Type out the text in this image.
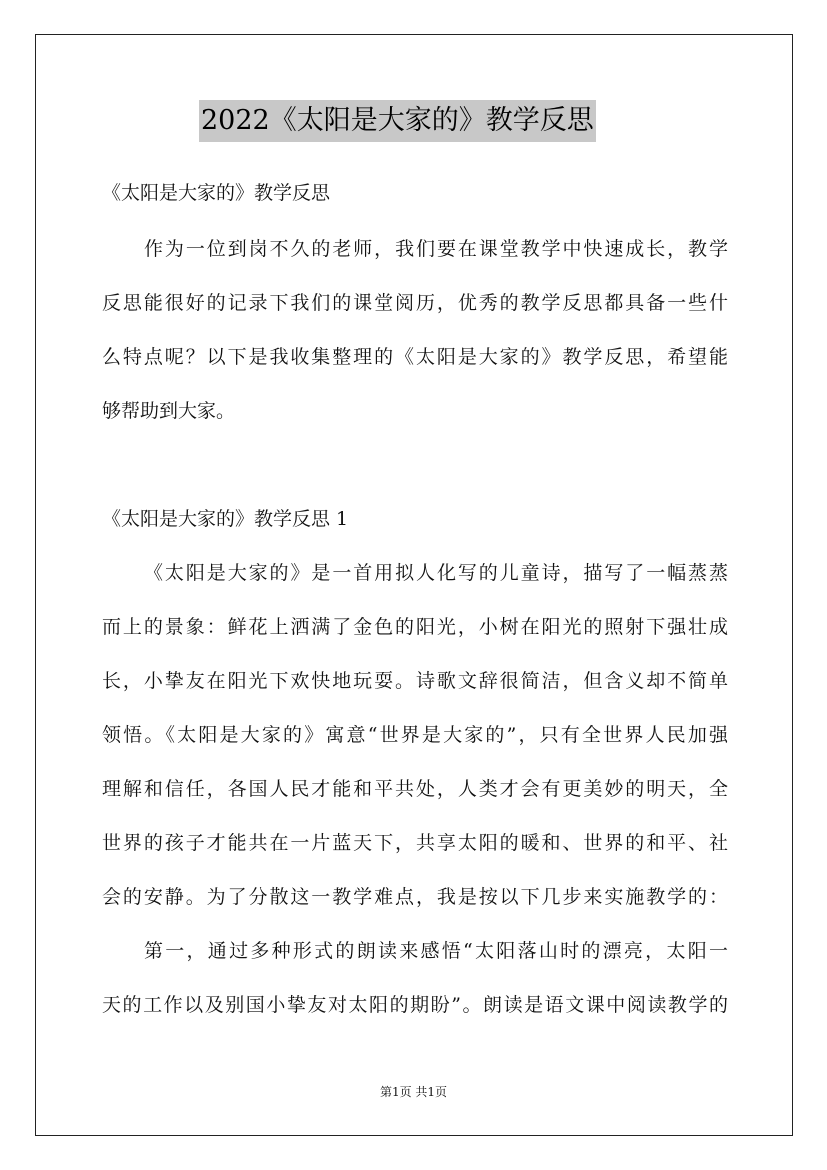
2022《太阳是大家的》教学反思
《太阳是大家的》教学反思
作为一位到岗不久的老师，我们要在课堂教学中快速成长，教学
反思能很好的记录下我们的课堂阅历，优秀的教学反思都具备一些什
么特点呢？以下是我收集整理的《太阳是大家的》教学反思，希望能
够帮助到大家。
《太阳是大家的》教学反思 1
《太阳是大家的》是一首用拟人化写的儿童诗，描写了一幅蒸蒸
而上的景象：鲜花上洒满了金色的阳光，小树在阳光的照射下强壮成
长，小挚友在阳光下欢快地玩耍。诗歌文辞很简洁，但含义却不简单
领悟。《太阳是大家的》寓意“世界是大家的”，只有全世界人民加强
理解和信任，各国人民才能和平共处，人类才会有更美妙的明天，全
世界的孩子才能共在一片蓝天下，共享太阳的暖和、世界的和平、社
会的安静。为了分散这一教学难点，我是按以下几步来实施教学的：
第一，通过多种形式的朗读来感悟“太阳落山时的漂亮，太阳一
天的工作以及别国小挚友对太阳的期盼”。朗读是语文课中阅读教学的
第1页 共1页
